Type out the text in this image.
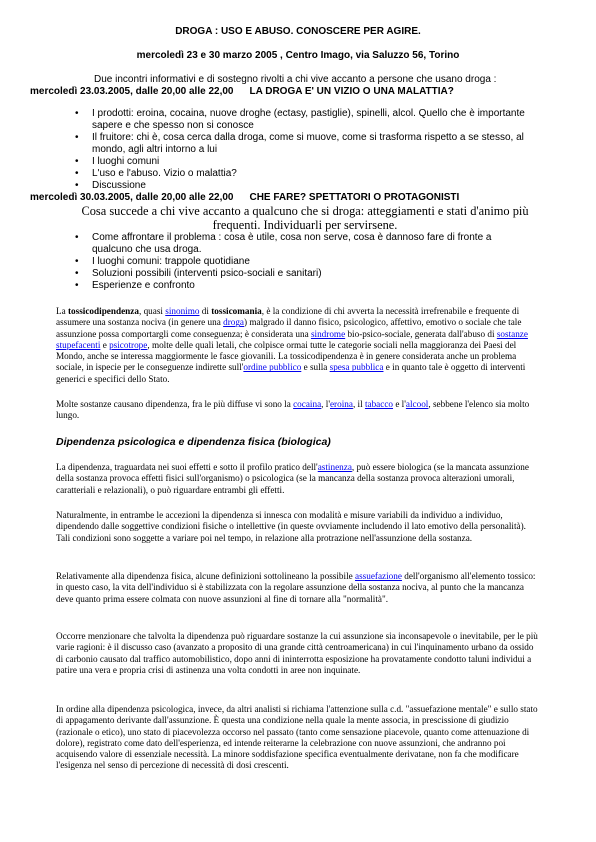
DROGA : USO E ABUSO. CONOSCERE PER AGIRE.
mercoledì 23 e 30 marzo 2005 , Centro Imago, via Saluzzo 56, Torino
Due incontri informativi e di sostegno rivolti a chi vive accanto a persone che usano droga :
mercoledì 23.03.2005, dalle 20,00 alle 22,00 LA DROGA E' UN VIZIO O UNA MALATTIA?
• I prodotti: eroina, cocaina, nuove droghe (ectasy, pastiglie), spinelli, alcol. Quello che è importante sapere e che spesso non si conosce
• Il fruitore: chi è, cosa cerca dalla droga, come si muove, come si trasforma rispetto a se stesso, al mondo, agli altri intorno a lui
• I luoghi comuni
• L'uso e l'abuso. Vizio o malattia?
• Discussione
mercoledì 30.03.2005, dalle 20,00 alle 22,00 CHE FARE? SPETTATORI O PROTAGONISTI
Cosa succede a chi vive accanto a qualcuno che si droga: atteggiamenti e stati d'animo più frequenti. Individuarli per servirsene.
• Come affrontare il problema : cosa è utile, cosa non serve, cosa è dannoso fare di fronte a qualcuno che usa droga.
• I luoghi comuni: trappole quotidiane
• Soluzioni possibili (interventi psico-sociali e sanitari)
• Esperienze e confronto
La tossicodipendenza, quasi sinonimo di tossicomania, è la condizione di chi avverta la necessità irrefrenabile e frequente di assumere una sostanza nociva (in genere una droga) malgrado il danno fisico, psicologico, affettivo, emotivo o sociale che tale assunzione possa comportargli come conseguenza; è considerata una sindrome bio-psico-sociale, generata dall'abuso di sostanze stupefacenti e psicotrope, molte delle quali letali, che colpisce ormai tutte le categorie sociali nella maggioranza dei Paesi del Mondo, anche se interessa maggiormente le fasce giovanili. La tossicodipendenza è in genere considerata anche un problema sociale, in ispecie per le conseguenze indirette sull'ordine pubblico e sulla spesa pubblica e in quanto tale è oggetto di interventi generici e specifici dello Stato.
Molte sostanze causano dipendenza, fra le più diffuse vi sono la cocaina, l'eroina, il tabacco e l'alcool, sebbene l'elenco sia molto lungo.
Dipendenza psicologica e dipendenza fisica (biologica)
La dipendenza, traguardata nei suoi effetti e sotto il profilo pratico dell'astinenza, può essere biologica (se la mancata assunzione della sostanza provoca effetti fisici sull'organismo) o psicologica (se la mancanza della sostanza provoca alterazioni umorali, caratteriali e relazionali), o può riguardare entrambi gli effetti.
Naturalmente, in entrambe le accezioni la dipendenza si innesca con modalità e misure variabili da individuo a individuo, dipendendo dalle soggettive condizioni fisiche o intellettive (in queste ovviamente includendo il lato emotivo della personalità). Tali condizioni sono soggette a variare poi nel tempo, in relazione alla protrazione nell'assunzione della sostanza.
Relativamente alla dipendenza fisica, alcune definizioni sottolineano la possibile assuefazione dell'organismo all'elemento tossico: in questo caso, la vita dell'individuo si è stabilizzata con la regolare assunzione della sostanza nociva, al punto che la mancanza deve quanto prima essere colmata con nuove assunzioni al fine di tornare alla "normalità".
Occorre menzionare che talvolta la dipendenza può riguardare sostanze la cui assunzione sia inconsapevole o inevitabile, per le più varie ragioni: è il discusso caso (avanzato a proposito di una grande città centroamericana) in cui l'inquinamento urbano da ossido di carbonio causato dal traffico automobilistico, dopo anni di ininterrotta esposizione ha provatamente condotto taluni individui a patire una vera e propria crisi di astinenza una volta condotti in aree non inquinate.
In ordine alla dipendenza psicologica, invece, da altri analisti si richiama l'attenzione sulla c.d. "assuefazione mentale" e sullo stato di appagamento derivante dall'assunzione. È questa una condizione nella quale la mente associa, in prescissione di giudizio (razionale o etico), uno stato di piacevolezza occorso nel passato (tanto come sensazione piacevole, quanto come attenuazione di dolore), registrato come dato dell'esperienza, ed intende reiterarne la celebrazione con nuove assunzioni, che andranno poi acquisendo valore di essenziale necessità. La minore soddisfazione specifica eventualmente derivatane, non fa che modificare l'esigenza nel senso di percezione di necessità di dosi crescenti.
